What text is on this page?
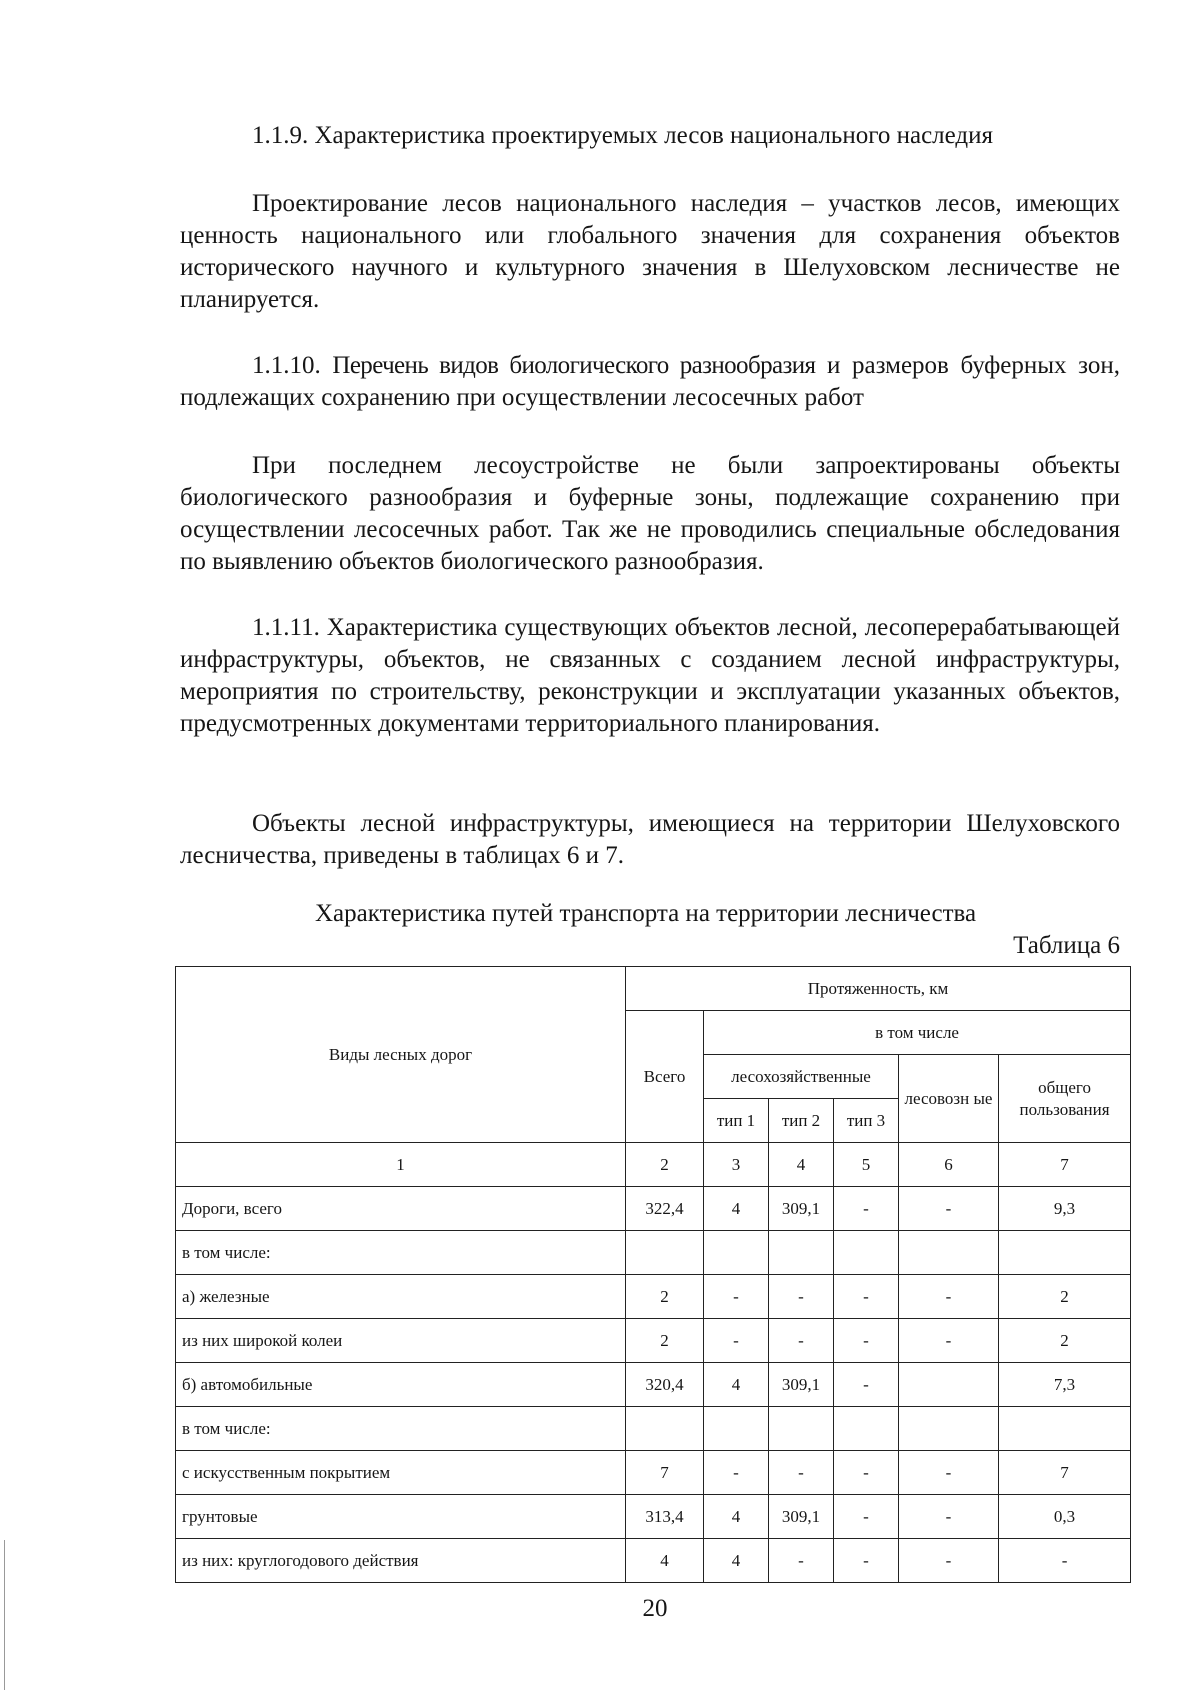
1.1.9. Характеристика проектируемых лесов национального наследия

Проектирование лесов национального наследия – участков лесов, имеющих ценность национального или глобального значения для сохранения объектов исторического научного и культурного значения в Шелуховском лесничестве не планируется.

1.1.10. Перечень видов биологического разнообразия и размеров буферных зон, подлежащих сохранению при осуществлении лесосечных работ

При последнем лесоустройстве не были запроектированы объекты биологического разнообразия и буферные зоны, подлежащие сохранению при осуществлении лесосечных работ. Так же не проводились специальные обследования по выявлению объектов биологического разнообразия.

1.1.11. Характеристика существующих объектов лесной, лесоперерабатывающей инфраструктуры, объектов, не связанных с созданием лесной инфраструктуры, мероприятия по строительству, реконструкции и эксплуатации указанных объектов, предусмотренных документами территориального планирования.

Объекты лесной инфраструктуры, имеющиеся на территории Шелуховского лесничества, приведены в таблицах 6 и 7.

Характеристика путей транспорта на территории лесничества
Таблица 6
Виды лесных дорог	Протяженность, км					
	Всего	в том числе				
		лесохозяйственные			лесовозн ые	общего пользования
		тип 1	тип 2	тип 3		
1	2	3	4	5	6	7
Дороги, всего	322,4	4	309,1	-	-	9,3
в том числе:						
а) железные	2	-	-	-	-	2
из них широкой колеи	2	-	-	-	-	2
б) автомобильные	320,4	4	309,1	-		7,3
в том числе:						
с искусственным покрытием	7	-	-	-	-	7
грунтовые	313,4	4	309,1	-	-	0,3
из них: круглогодового действия	4	4	-	-	-	-
20
